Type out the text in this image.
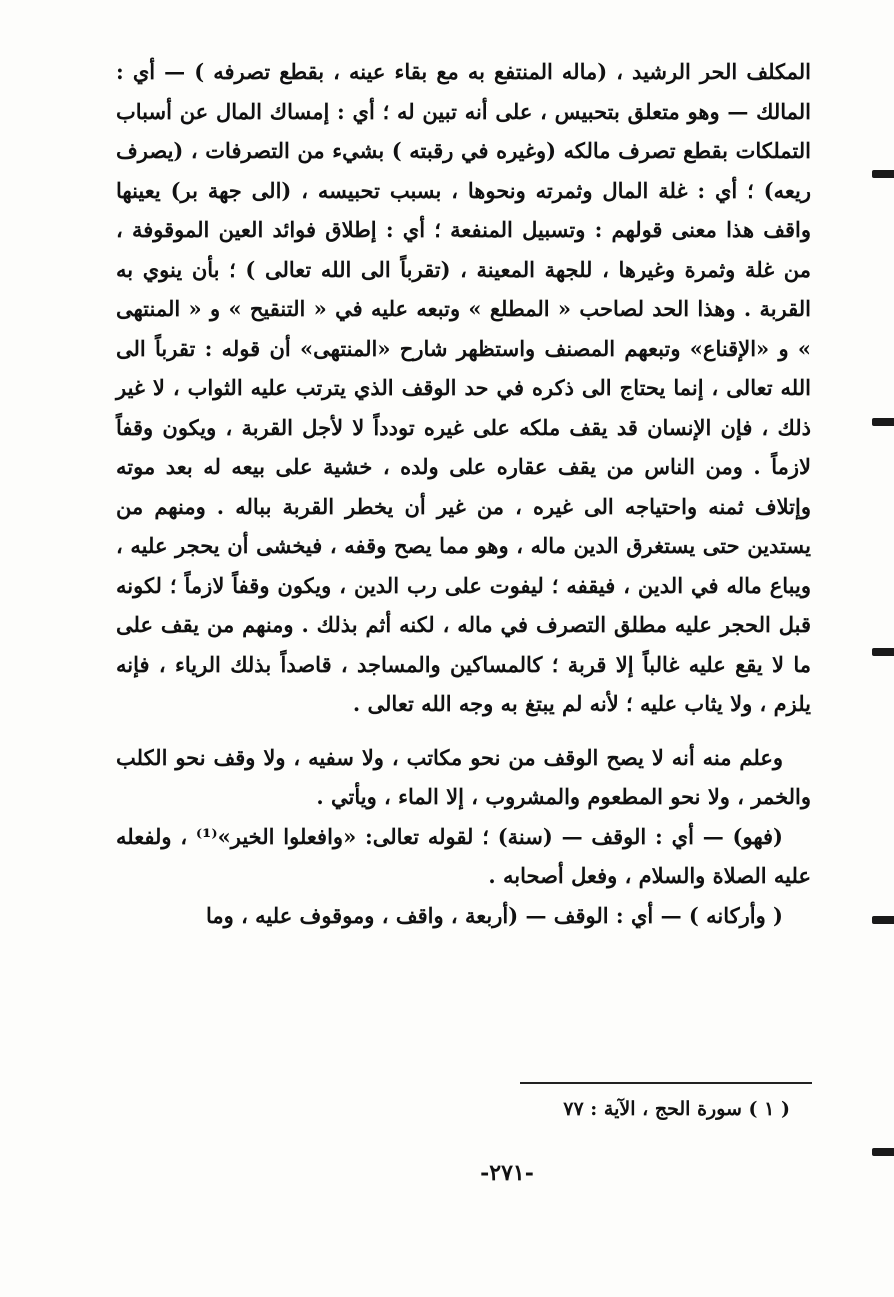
المكلف الحر الرشيد ، (ماله المنتفع به مع بقاء عينه ، بقطع تصرفه ) — أي : المالك — وهو متعلق بتحبيس ، على أنه تبين له ؛ أي : إمساك المال عن أسباب التملكات بقطع تصرف مالكه (وغيره في رقبته ) بشيء من التصرفات ، (يصرف ريعه) ؛ أي : غلة المال وثمرته ونحوها ، بسبب تحبيسه ، (الى جهة بر) يعينها واقف هذا معنى قولهم : وتسبيل المنفعة ؛ أي : إطلاق فوائد العين الموقوفة ، من غلة وثمرة وغيرها ، للجهة المعينة ، (تقرباً الى الله تعالى ) ؛ بأن ينوي به القربة . وهذا الحد لصاحب « المطلع » وتبعه عليه في « التنقيح » و « المنتهى » و «الإقناع» وتبعهم المصنف واستظهر شارح «المنتهى» أن قوله : تقرباً الى الله تعالى ، إنما يحتاج الى ذكره في حد الوقف الذي يترتب عليه الثواب ، لا غير ذلك ، فإن الإنسان قد يقف ملكه على غيره تودداً لا لأجل القربة ، ويكون وقفاً لازماً . ومن الناس من يقف عقاره على ولده ، خشية على بيعه له بعد موته وإتلاف ثمنه واحتياجه الى غيره ، من غير أن يخطر القربة بباله . ومنهم من يستدين حتى يستغرق الدين ماله ، وهو مما يصح وقفه ، فيخشى أن يحجر عليه ، ويباع ماله في الدين ، فيقفه ؛ ليفوت على رب الدين ، ويكون وقفاً لازماً ؛ لكونه قبل الحجر عليه مطلق التصرف في ماله ، لكنه أثم بذلك . ومنهم من يقف على ما لا يقع عليه غالباً إلا قربة ؛ كالمساكين والمساجد ، قاصداً بذلك الرياء ، فإنه يلزم ، ولا يثاب عليه ؛ لأنه لم يبتغ به وجه الله تعالى .

وعلم منه أنه لا يصح الوقف من نحو مكاتب ، ولا سفيه ، ولا وقف نحو الكلب والخمر ، ولا نحو المطعوم والمشروب ، إلا الماء ، ويأتي .

(فهو) — أي : الوقف — (سنة) ؛ لقوله تعالى: «وافعلوا الخير»⁽¹⁾ ، ولفعله عليه الصلاة والسلام ، وفعل أصحابه .

( وأركانه ) — أي : الوقف — (أربعة ، واقف ، وموقوف عليه ، وما

( ١ ) سورة الحج ، الآية : ٧٧
-٢٧١-
